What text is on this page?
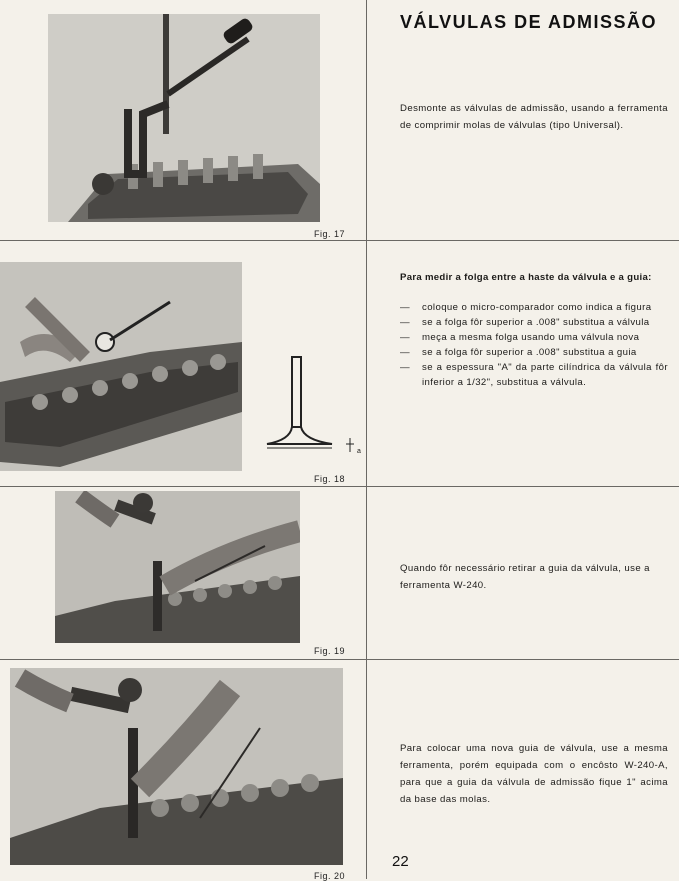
VÁLVULAS DE ADMISSÃO
Fig. 17
Desmonte as válvulas de admissão, usando a ferramenta de comprimir molas de válvulas (tipo Universal).
a
Fig. 18
Para medir a folga entre a haste da válvula e a guia:
— coloque o micro-comparador como indica a figura
— se a folga fôr superior a .008" substitua a válvula
— meça a mesma folga usando uma válvula nova
— se a folga fôr superior a .008" substitua a guia
— se a espessura "A" da parte cilíndrica da válvula fôr inferior a 1/32", substitua a válvula.
Fig. 19
Quando fôr necessário retirar a guia da válvula, use a ferramenta W-240.
Fig. 20
Para colocar uma nova guia de válvula, use a mesma ferramenta, porém equipada com o encôsto W-240-A, para que a guia da válvula de admissão fique 1" acima da base das molas.
22
